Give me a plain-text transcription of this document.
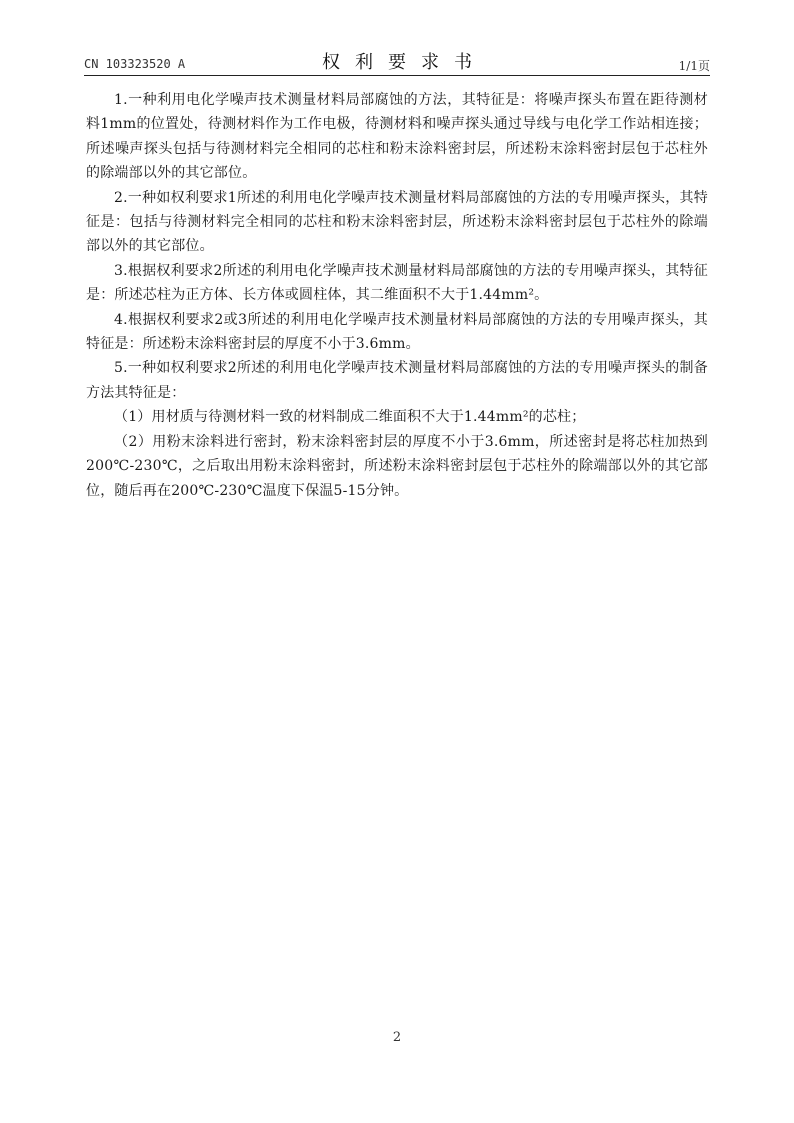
CN 103323520 A	权利要求书	1/1页

1.一种利用电化学噪声技术测量材料局部腐蚀的方法，其特征是：将噪声探头布置在距待测材料1mm的位置处，待测材料作为工作电极，待测材料和噪声探头通过导线与电化学工作站相连接；所述噪声探头包括与待测材料完全相同的芯柱和粉末涂料密封层，所述粉末涂料密封层包于芯柱外的除端部以外的其它部位。

2.一种如权利要求1所述的利用电化学噪声技术测量材料局部腐蚀的方法的专用噪声探头，其特征是：包括与待测材料完全相同的芯柱和粉末涂料密封层，所述粉末涂料密封层包于芯柱外的除端部以外的其它部位。

3.根据权利要求2所述的利用电化学噪声技术测量材料局部腐蚀的方法的专用噪声探头，其特征是：所述芯柱为正方体、长方体或圆柱体，其二维面积不大于1.44mm²。

4.根据权利要求2或3所述的利用电化学噪声技术测量材料局部腐蚀的方法的专用噪声探头，其特征是：所述粉末涂料密封层的厚度不小于3.6mm。

5.一种如权利要求2所述的利用电化学噪声技术测量材料局部腐蚀的方法的专用噪声探头的制备方法其特征是：

（1）用材质与待测材料一致的材料制成二维面积不大于1.44mm²的芯柱；

（2）用粉末涂料进行密封，粉末涂料密封层的厚度不小于3.6mm，所述密封是将芯柱加热到200℃-230℃，之后取出用粉末涂料密封，所述粉末涂料密封层包于芯柱外的除端部以外的其它部位，随后再在200℃-230℃温度下保温5-15分钟。

2
